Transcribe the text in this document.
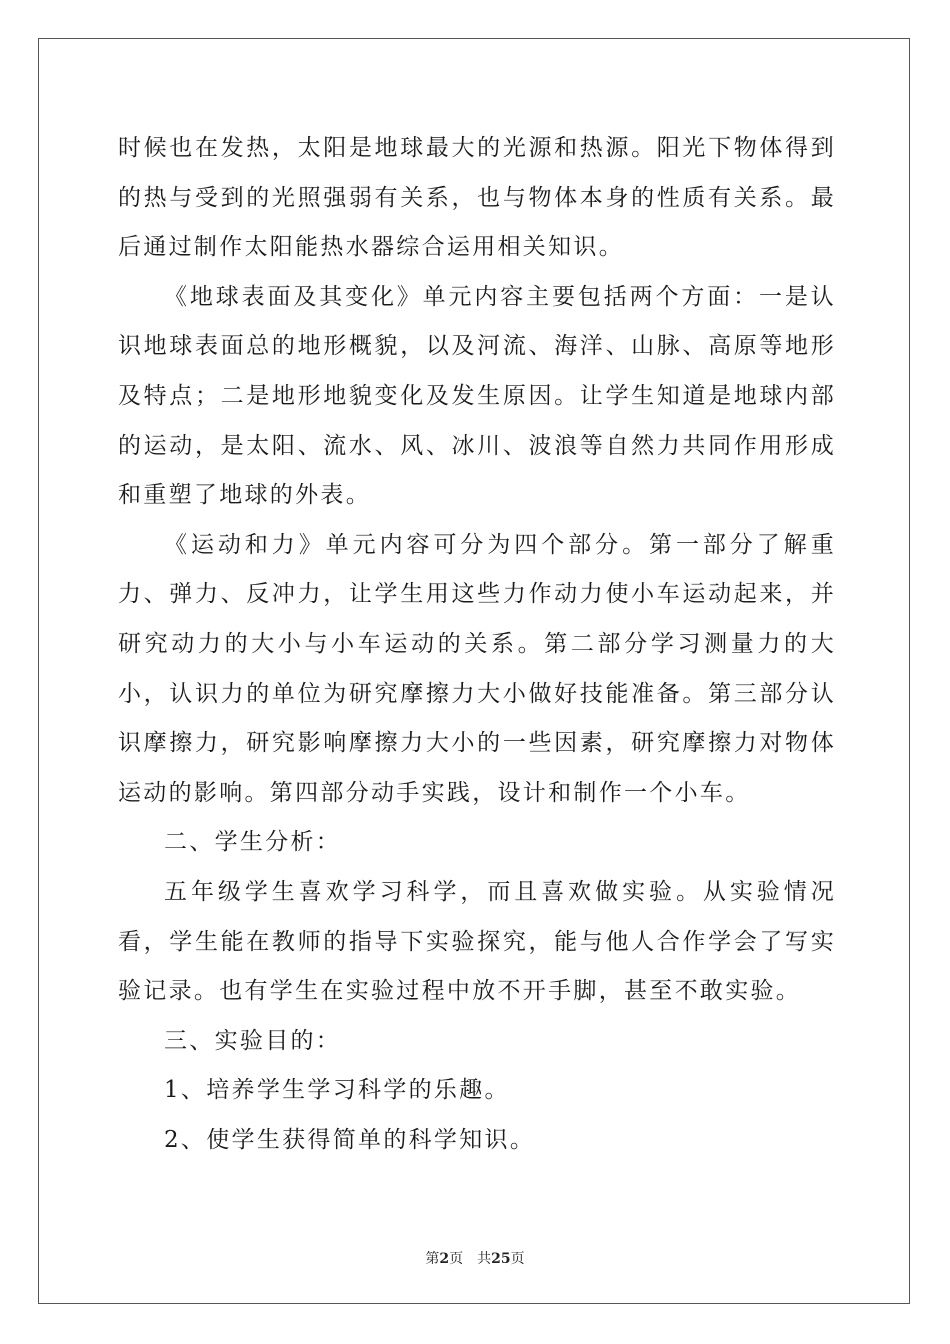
时候也在发热，太阳是地球最大的光源和热源。阳光下物体得到的热与受到的光照强弱有关系，也与物体本身的性质有关系。最后通过制作太阳能热水器综合运用相关知识。

《地球表面及其变化》单元内容主要包括两个方面：一是认识地球表面总的地形概貌，以及河流、海洋、山脉、高原等地形及特点；二是地形地貌变化及发生原因。让学生知道是地球内部的运动，是太阳、流水、风、冰川、波浪等自然力共同作用形成和重塑了地球的外表。

《运动和力》单元内容可分为四个部分。第一部分了解重力、弹力、反冲力，让学生用这些力作动力使小车运动起来，并研究动力的大小与小车运动的关系。第二部分学习测量力的大小，认识力的单位为研究摩擦力大小做好技能准备。第三部分认识摩擦力，研究影响摩擦力大小的一些因素，研究摩擦力对物体运动的影响。第四部分动手实践，设计和制作一个小车。

二、学生分析：

五年级学生喜欢学习科学，而且喜欢做实验。从实验情况看，学生能在教师的指导下实验探究，能与他人合作学会了写实验记录。也有学生在实验过程中放不开手脚，甚至不敢实验。

三、实验目的：

1、培养学生学习科学的乐趣。

2、使学生获得简单的科学知识。

第2页　共25页
